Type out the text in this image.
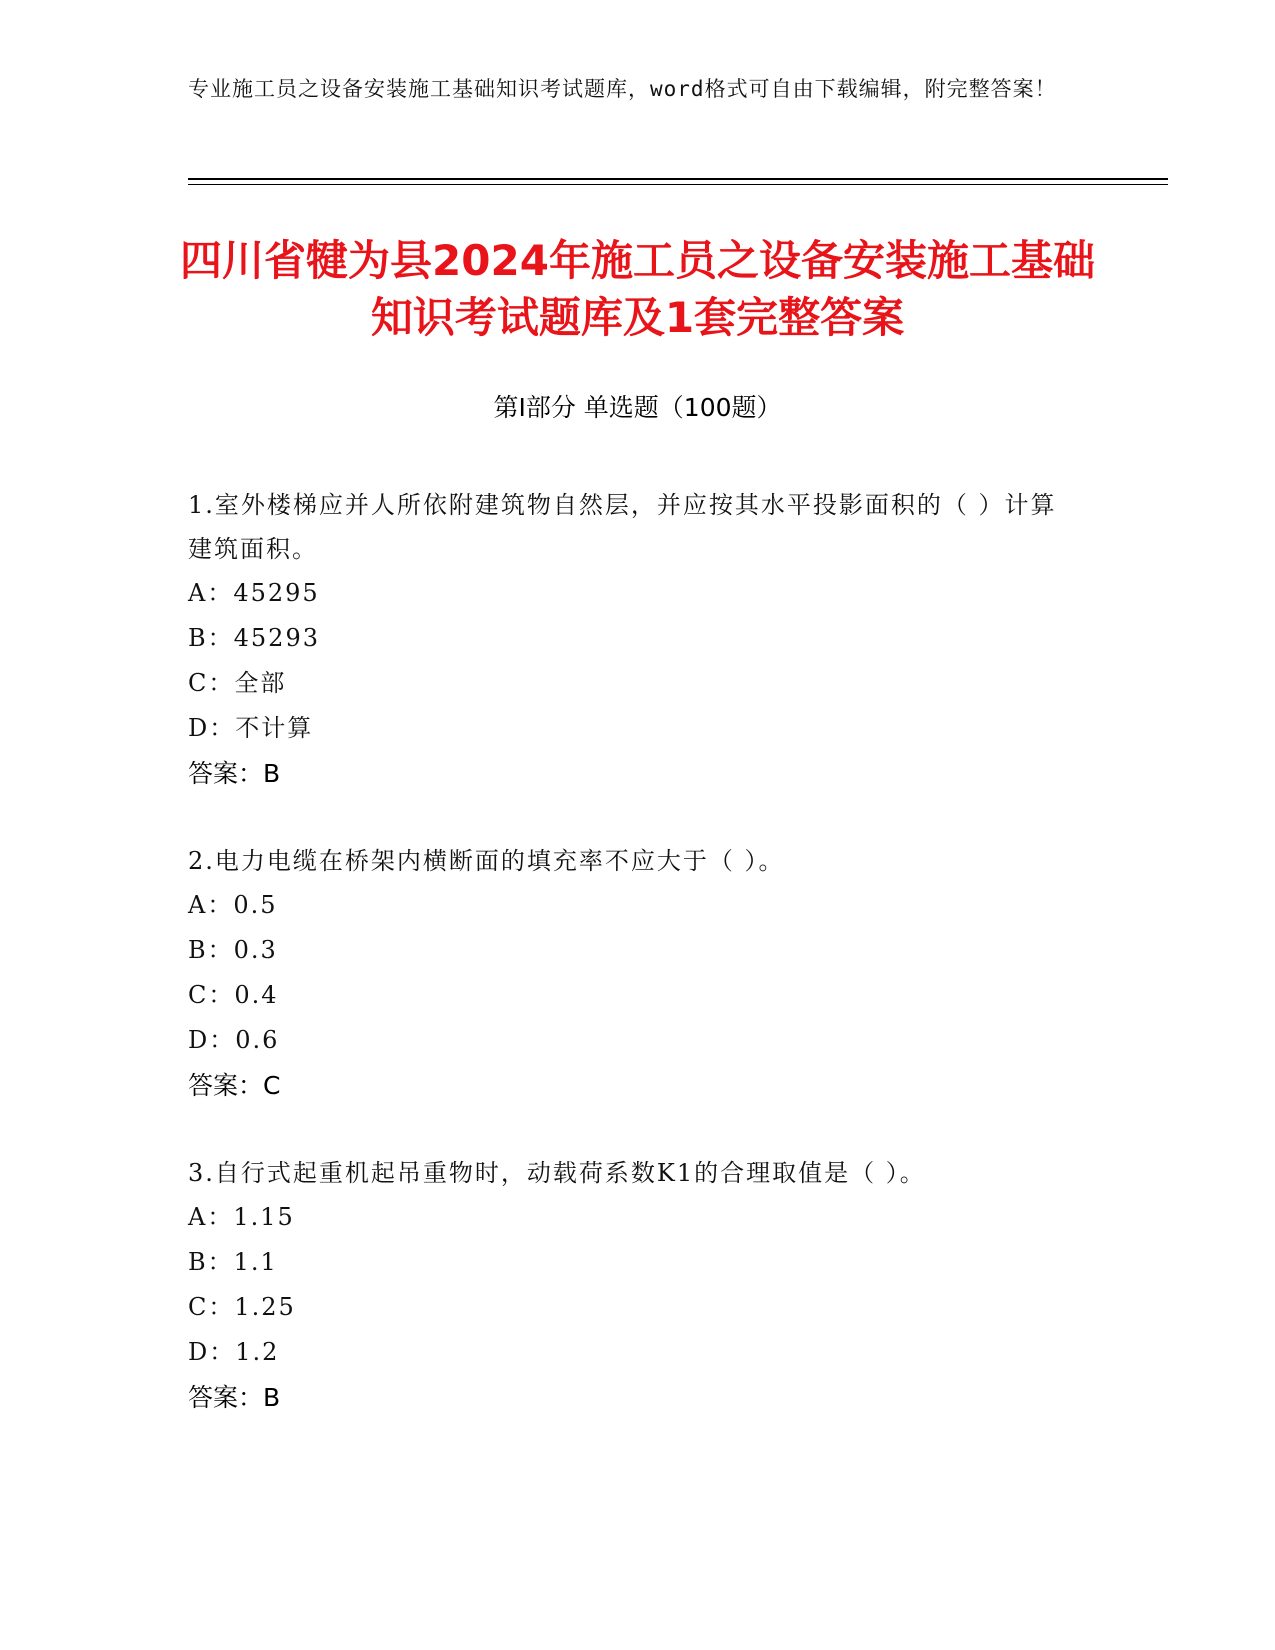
专业施工员之设备安装施工基础知识考试题库，word格式可自由下载编辑，附完整答案！
四川省犍为县2024年施工员之设备安装施工基础知识考试题库及1套完整答案
第Ⅰ部分 单选题（100题）
1.室外楼梯应并人所依附建筑物自然层，并应按其水平投影面积的（ ）计算建筑面积。
A：45295
B：45293
C：全部
D：不计算
答案：B
2.电力电缆在桥架内横断面的填充率不应大于（ ）。
A：0.5
B：0.3
C：0.4
D：0.6
答案：C
3.自行式起重机起吊重物时，动载荷系数K1的合理取值是（ ）。
A：1.15
B：1.1
C：1.25
D：1.2
答案：B
